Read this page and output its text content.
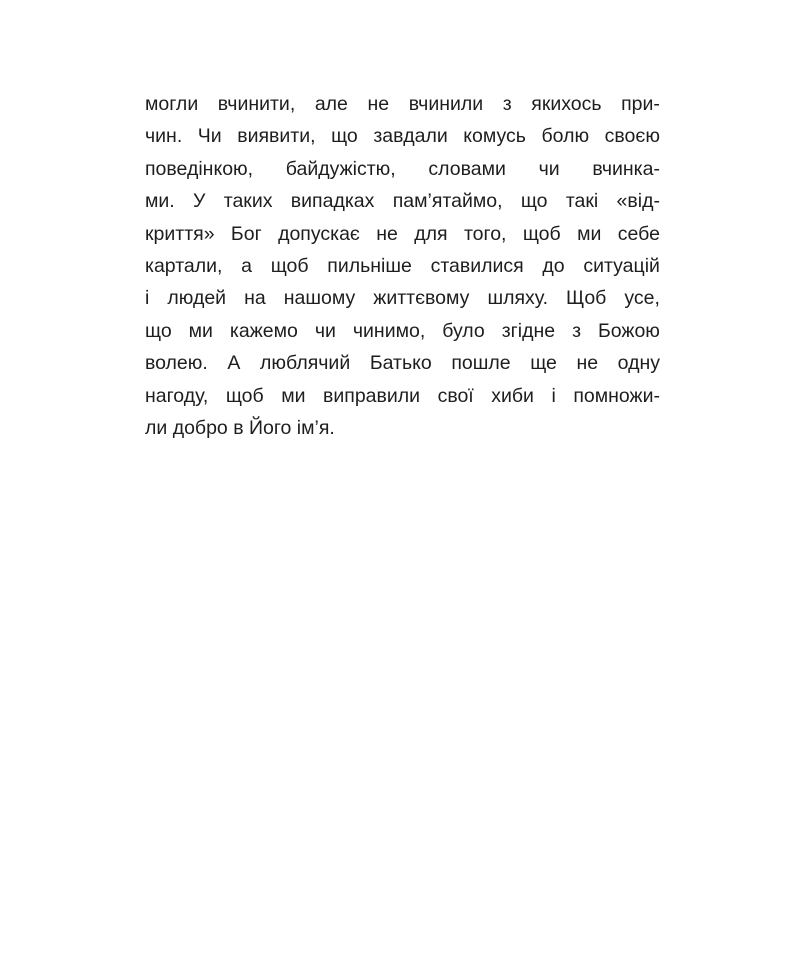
могли вчинити, але не вчинили з якихось при-
чин. Чи виявити, що завдали комусь болю своєю
поведінкою, байдужістю, словами чи вчинка-
ми. У таких випадках пам’ятаймо, що такі «від-
криття» Бог допускає не для того, щоб ми себе
картали, а щоб пильніше ставилися до ситуацій
і людей на нашому життєвому шляху. Щоб усе,
що ми кажемо чи чинимо, було згідне з Божою
волею. А люблячий Батько пошле ще не одну
нагоду, щоб ми виправили свої хиби і помножи-
ли добро в Його ім’я.
